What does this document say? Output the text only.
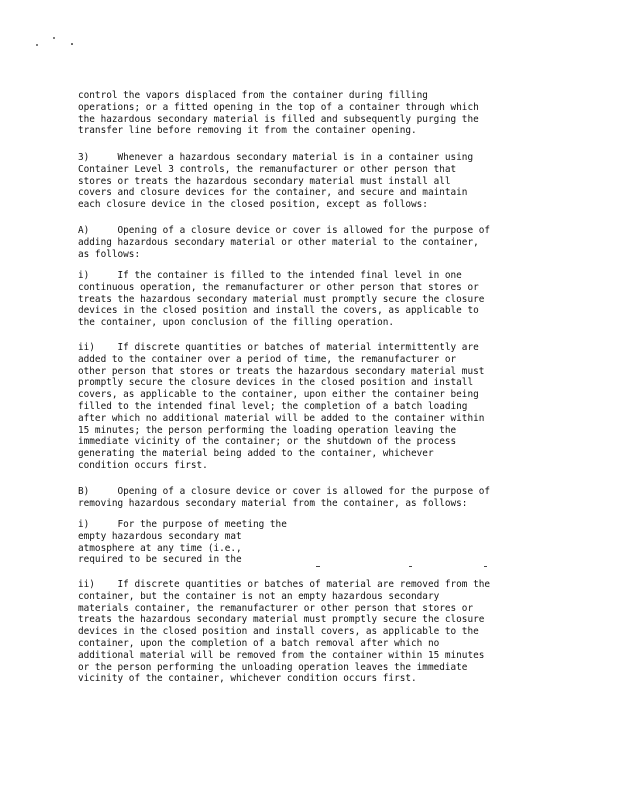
control the vapors displaced from the container during filling
operations; or a fitted opening in the top of a container through which
the hazardous secondary material is filled and subsequently purging the
transfer line before removing it from the container opening.
3)     Whenever a hazardous secondary material is in a container using
Container Level 3 controls, the remanufacturer or other person that
stores or treats the hazardous secondary material must install all
covers and closure devices for the container, and secure and maintain
each closure device in the closed position, except as follows:
A)     Opening of a closure device or cover is allowed for the purpose of
adding hazardous secondary material or other material to the container,
as follows:
i)     If the container is filled to the intended final level in one
continuous operation, the remanufacturer or other person that stores or
treats the hazardous secondary material must promptly secure the closure
devices in the closed position and install the covers, as applicable to
the container, upon conclusion of the filling operation.
ii)    If discrete quantities or batches of material intermittently are
added to the container over a period of time, the remanufacturer or
other person that stores or treats the hazardous secondary material must
promptly secure the closure devices in the closed position and install
covers, as applicable to the container, upon either the container being
filled to the intended final level; the completion of a batch loading
after which no additional material will be added to the container within
15 minutes; the person performing the loading operation leaving the
immediate vicinity of the container; or the shutdown of the process
generating the material being added to the container, whichever
condition occurs first.
B)     Opening of a closure device or cover is allowed for the purpose of
removing hazardous secondary material from the container, as follows:
i)     For the purpose of meeting the
empty hazardous secondary mat
atmosphere at any time (i.e.,
required to be secured in the
ii)    If discrete quantities or batches of material are removed from the
container, but the container is not an empty hazardous secondary
materials container, the remanufacturer or other person that stores or
treats the hazardous secondary material must promptly secure the closure
devices in the closed position and install covers, as applicable to the
container, upon the completion of a batch removal after which no
additional material will be removed from the container within 15 minutes
or the person performing the unloading operation leaves the immediate
vicinity of the container, whichever condition occurs first.
